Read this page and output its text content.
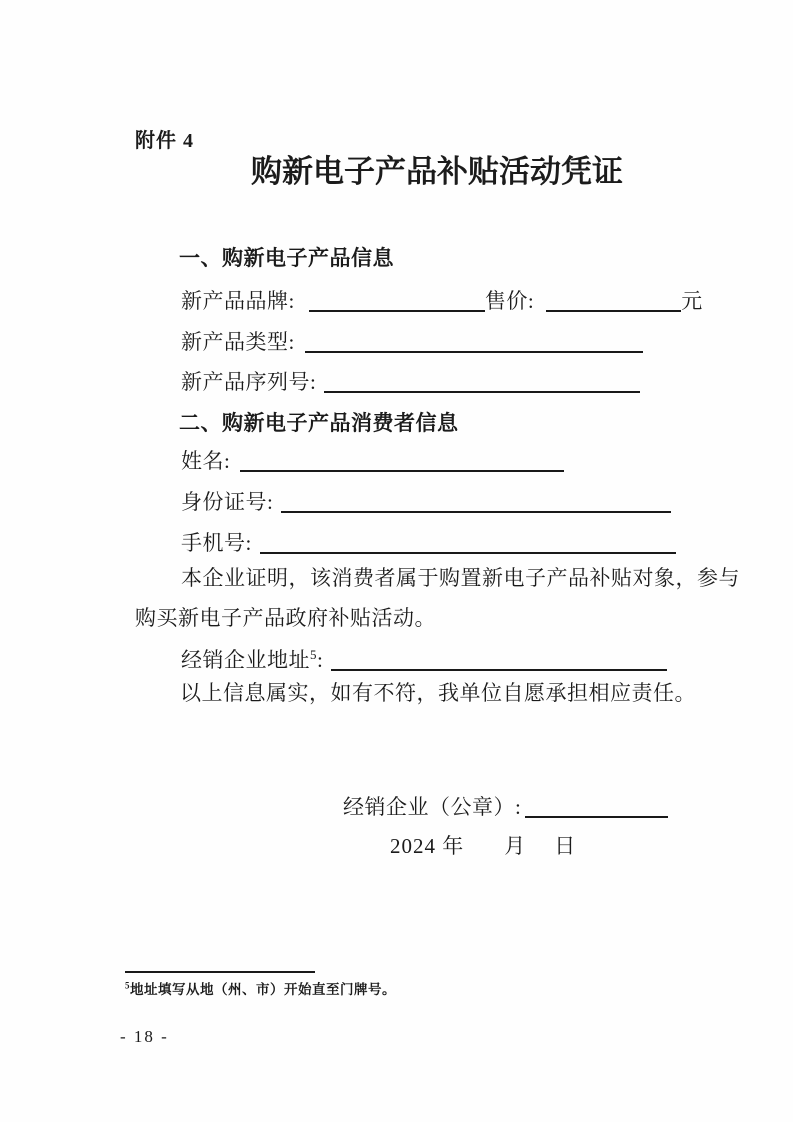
附件 4
购新电子产品补贴活动凭证
一、购新电子产品信息
新产品品牌:	售价:	元
新产品类型:
新产品序列号:
二、购新电子产品消费者信息
姓名:
身份证号:
手机号:
本企业证明，该消费者属于购置新电子产品补贴对象，参与
购买新电子产品政府补贴活动。
经销企业地址$^5$:
以上信息属实，如有不符，我单位自愿承担相应责任。
经销企业（公章）:
2024 年 月 日
$^5$地址填写从地（州、市）开始直至门牌号。
- 18 -
